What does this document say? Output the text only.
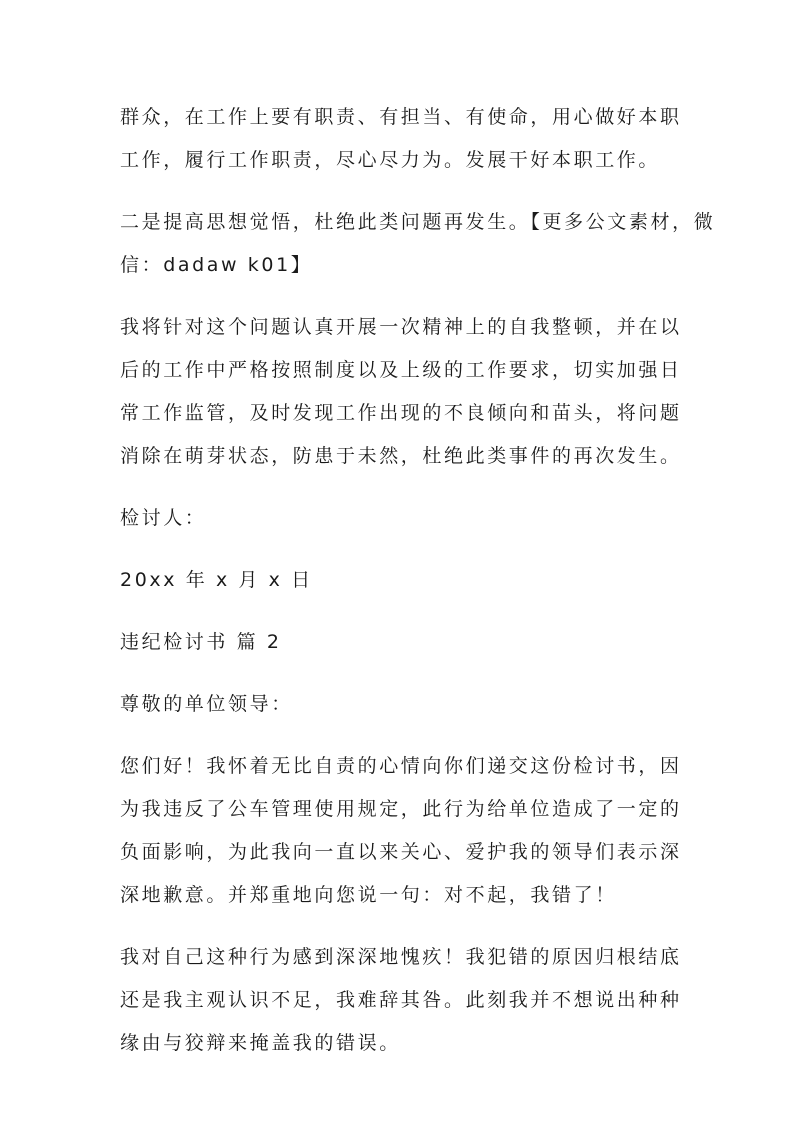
群众，在工作上要有职责、有担当、有使命，用心做好本职
工作，履行工作职责，尽心尽力为。发展干好本职工作。

二是提高思想觉悟，杜绝此类问题再发生。【更多公文素材，微
信：dadaw k01】

我将针对这个问题认真开展一次精神上的自我整顿，并在以
后的工作中严格按照制度以及上级的工作要求，切实加强日
常工作监管，及时发现工作出现的不良倾向和苗头，将问题
消除在萌芽状态，防患于未然，杜绝此类事件的再次发生。

检讨人：

20xx 年 x 月 x 日

违纪检讨书 篇 2

尊敬的单位领导：

您们好！我怀着无比自责的心情向你们递交这份检讨书，因
为我违反了公车管理使用规定，此行为给单位造成了一定的
负面影响，为此我向一直以来关心、爱护我的领导们表示深
深地歉意。并郑重地向您说一句：对不起，我错了！

我对自己这种行为感到深深地愧疚！我犯错的原因归根结底
还是我主观认识不足，我难辞其咎。此刻我并不想说出种种
缘由与狡辩来掩盖我的错误。
